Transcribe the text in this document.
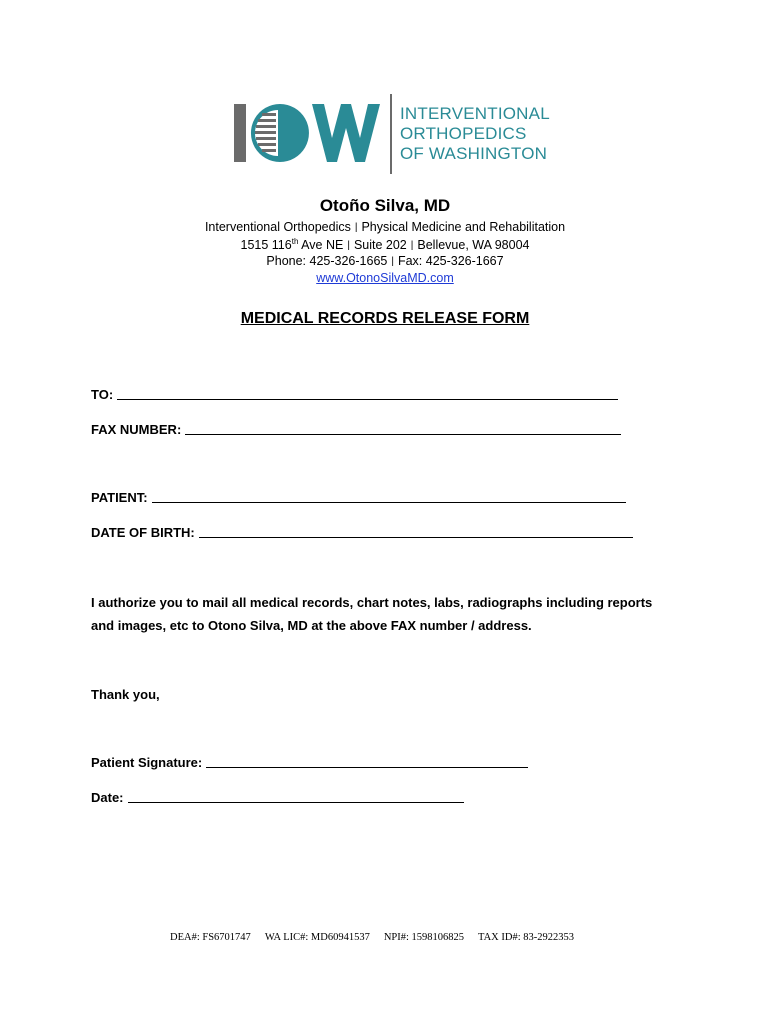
INTERVENTIONAL
ORTHOPEDICS
OF WASHINGTON
Otoño Silva, MD
Interventional Orthopedics | Physical Medicine and Rehabilitation
1515 116th Ave NE | Suite 202 | Bellevue, WA 98004
Phone: 425-326-1665 | Fax: 425-326-1667
www.OtonoSilvaMD.com
MEDICAL RECORDS RELEASE FORM
TO:
FAX NUMBER:
PATIENT:
DATE OF BIRTH:
I authorize you to mail all medical records, chart notes, labs, radiographs including reports
and images, etc to Otono Silva, MD at the above FAX number / address.
Thank you,
Patient Signature:
Date:
DEA#: FS6701747 WA LIC#: MD60941537 NPI#: 1598106825 TAX ID#: 83-2922353
